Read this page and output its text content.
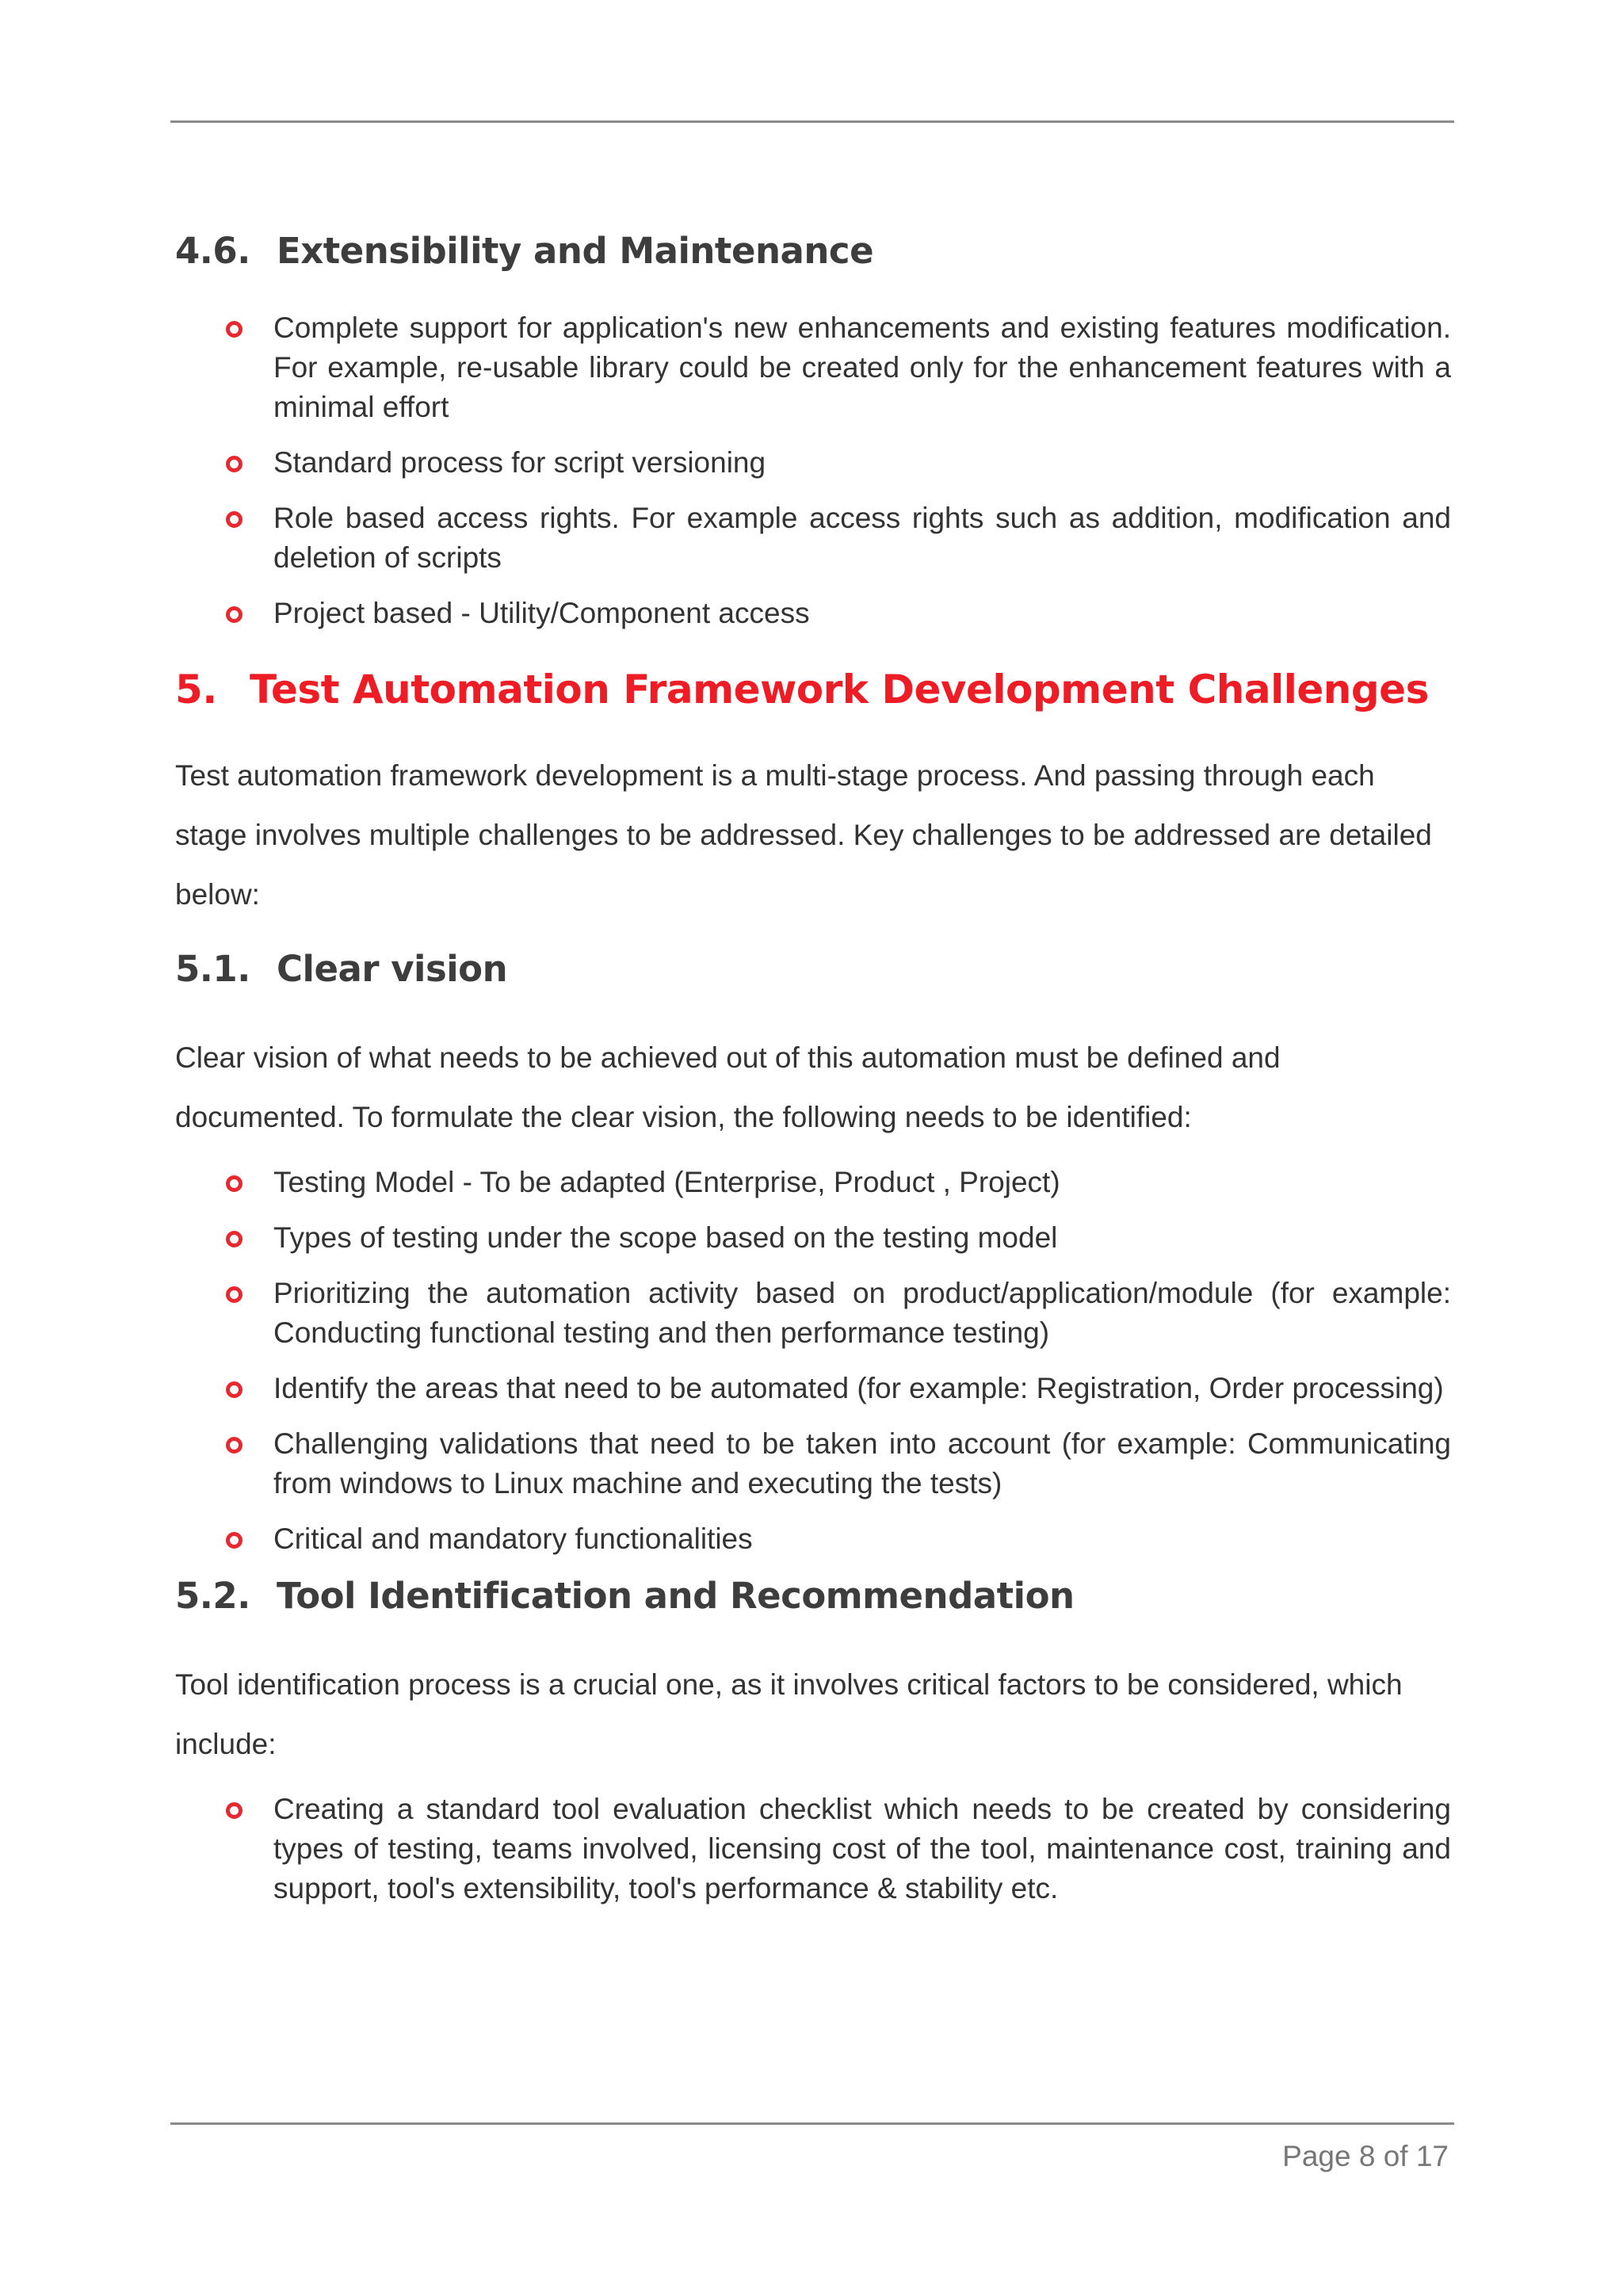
4.6. Extensibility and Maintenance
Complete support for application's new enhancements and existing features modification. For example, re-usable library could be created only for the enhancement features with a minimal effort
Standard process for script versioning
Role based access rights. For example access rights such as addition, modification and deletion of scripts
Project based - Utility/Component access
5. Test Automation Framework Development Challenges

Test automation framework development is a multi-stage process. And passing through each stage involves multiple challenges to be addressed. Key challenges to be addressed are detailed below:

5.1. Clear vision

Clear vision of what needs to be achieved out of this automation must be defined and documented. To formulate the clear vision, the following needs to be identified:

Testing Model - To be adapted (Enterprise, Product , Project)
Types of testing under the scope based on the testing model
Prioritizing the automation activity based on product/application/module (for example: Conducting functional testing and then performance testing)
Identify the areas that need to be automated (for example: Registration, Order processing)
Challenging validations that need to be taken into account (for example: Communicating from windows to Linux machine and executing the tests)
Critical and mandatory functionalities
5.2. Tool Identification and Recommendation

Tool identification process is a crucial one, as it involves critical factors to be considered, which include:

Creating a standard tool evaluation checklist which needs to be created by considering types of testing, teams involved, licensing cost of the tool, maintenance cost, training and support, tool's extensibility, tool's performance & stability etc.
Page 8 of 17
